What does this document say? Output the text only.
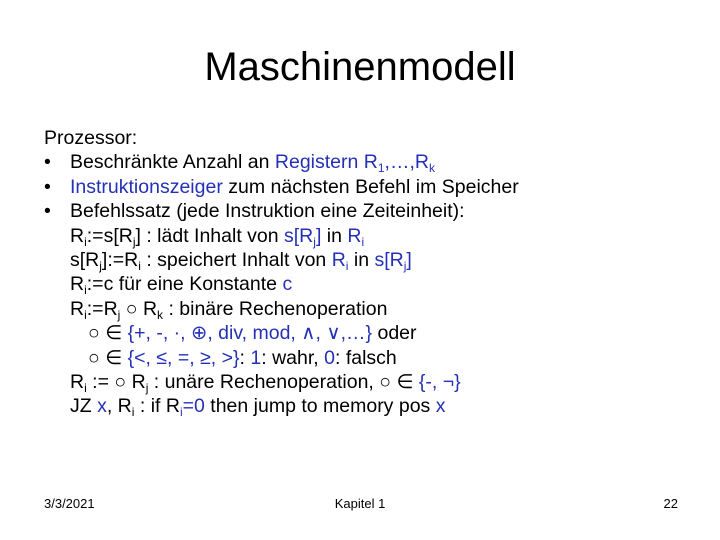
Maschinenmodell
Prozessor:
• Beschränkte Anzahl an Registern $R_1,\dots,R_k$
• Instruktionszeiger zum nächsten Befehl im Speicher
• Befehlssatz (jede Instruktion eine Zeiteinheit):
$R_i:=s[R_j]$ : lädt Inhalt von $s[R_j]$ in $R_i$
$s[R_j]:=R_i$ : speichert Inhalt von $R_i$ in $s[R_j]$
$R_i:=c$ für eine Konstante c
$R_i:=R_j$ ○ $R_k$ : binäre Rechenoperation
○ ∈ {+, -, ·, ⊕, div, mod, ∧, ∨,…} oder
○ ∈ {<, ≤, =, ≥, >}: 1: wahr, 0: falsch
$R_i$ := ○ $R_j$ : unäre Rechenoperation, ○ ∈ {-, ¬}
JZ x, $R_i$ : if $R_i=0$ then jump to memory pos x
3/3/2021	Kapitel 1	22
